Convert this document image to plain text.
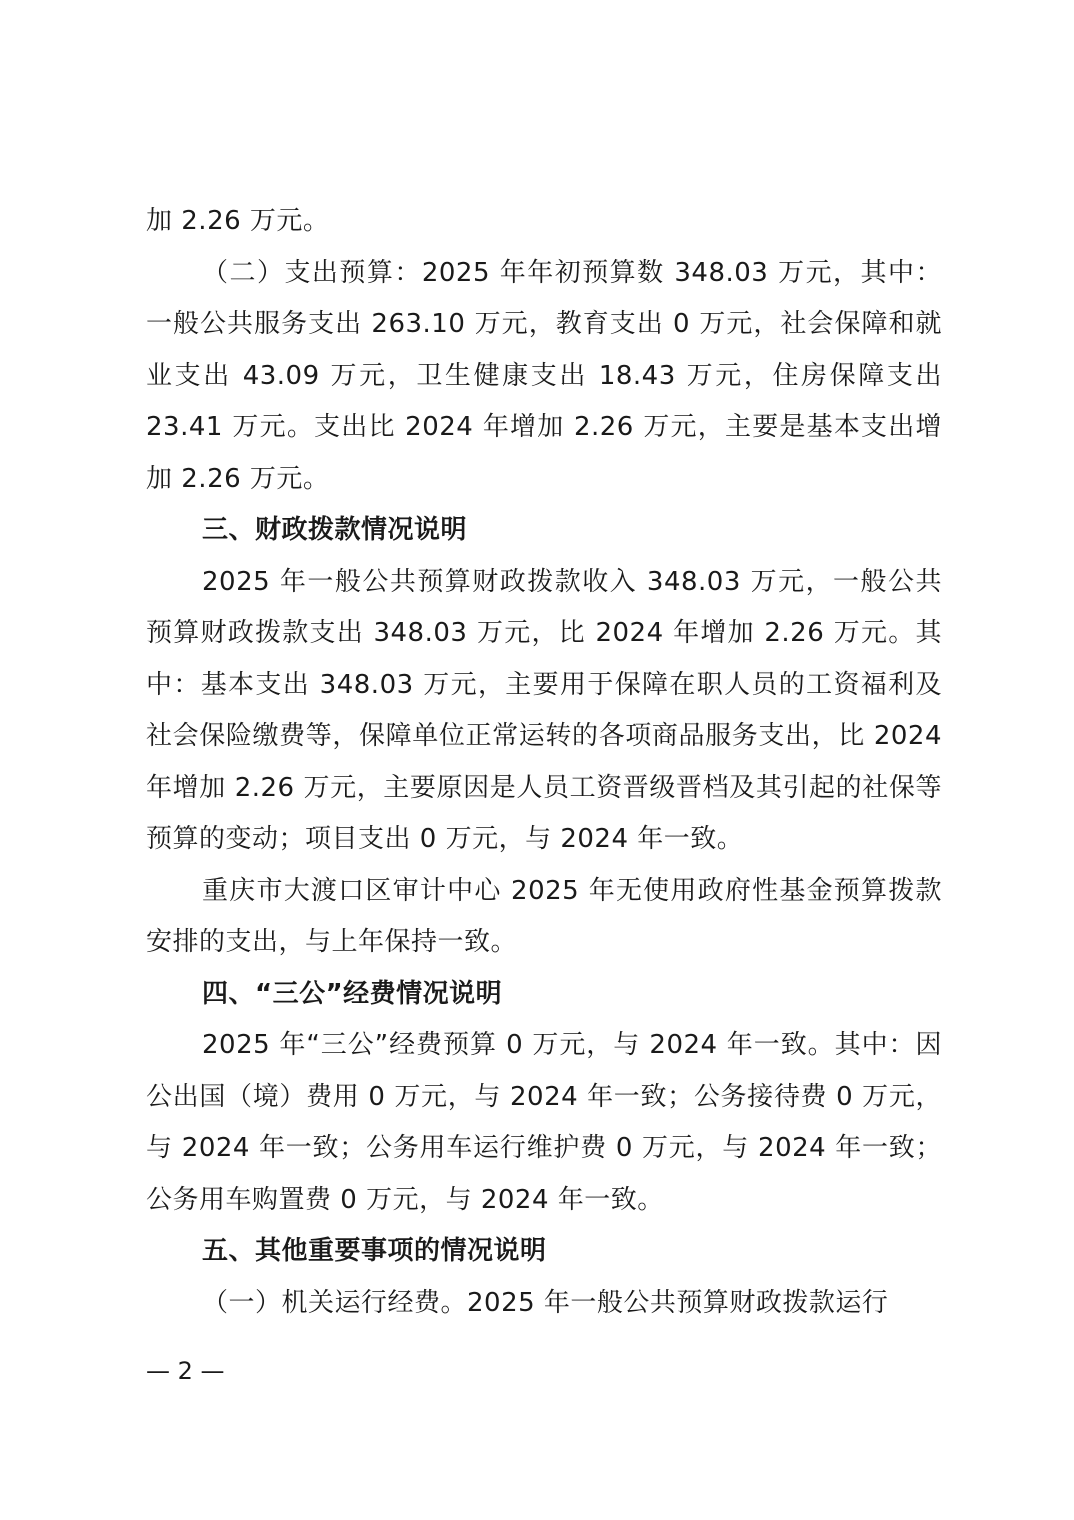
加 2.26 万元。

（二）支出预算：2025 年年初预算数 348.03 万元，其中：一般公共服务支出 263.10 万元，教育支出 0 万元，社会保障和就业支出 43.09 万元，卫生健康支出 18.43 万元，住房保障支出 23.41 万元。支出比 2024 年增加 2.26 万元，主要是基本支出增加 2.26 万元。

三、财政拨款情况说明

2025 年一般公共预算财政拨款收入 348.03 万元，一般公共预算财政拨款支出 348.03 万元，比 2024 年增加 2.26 万元。其中：基本支出 348.03 万元，主要用于保障在职人员的工资福利及社会保险缴费等，保障单位正常运转的各项商品服务支出，比 2024 年增加 2.26 万元，主要原因是人员工资晋级晋档及其引起的社保等预算的变动；项目支出 0 万元，与 2024 年一致。

重庆市大渡口区审计中心 2025 年无使用政府性基金预算拨款安排的支出，与上年保持一致。

四、“三公”经费情况说明

2025 年“三公”经费预算 0 万元，与 2024 年一致。其中：因公出国（境）费用 0 万元，与 2024 年一致；公务接待费 0 万元，与 2024 年一致；公务用车运行维护费 0 万元，与 2024 年一致；公务用车购置费 0 万元，与 2024 年一致。

五、其他重要事项的情况说明

（一）机关运行经费。2025 年一般公共预算财政拨款运行

— 2 —
